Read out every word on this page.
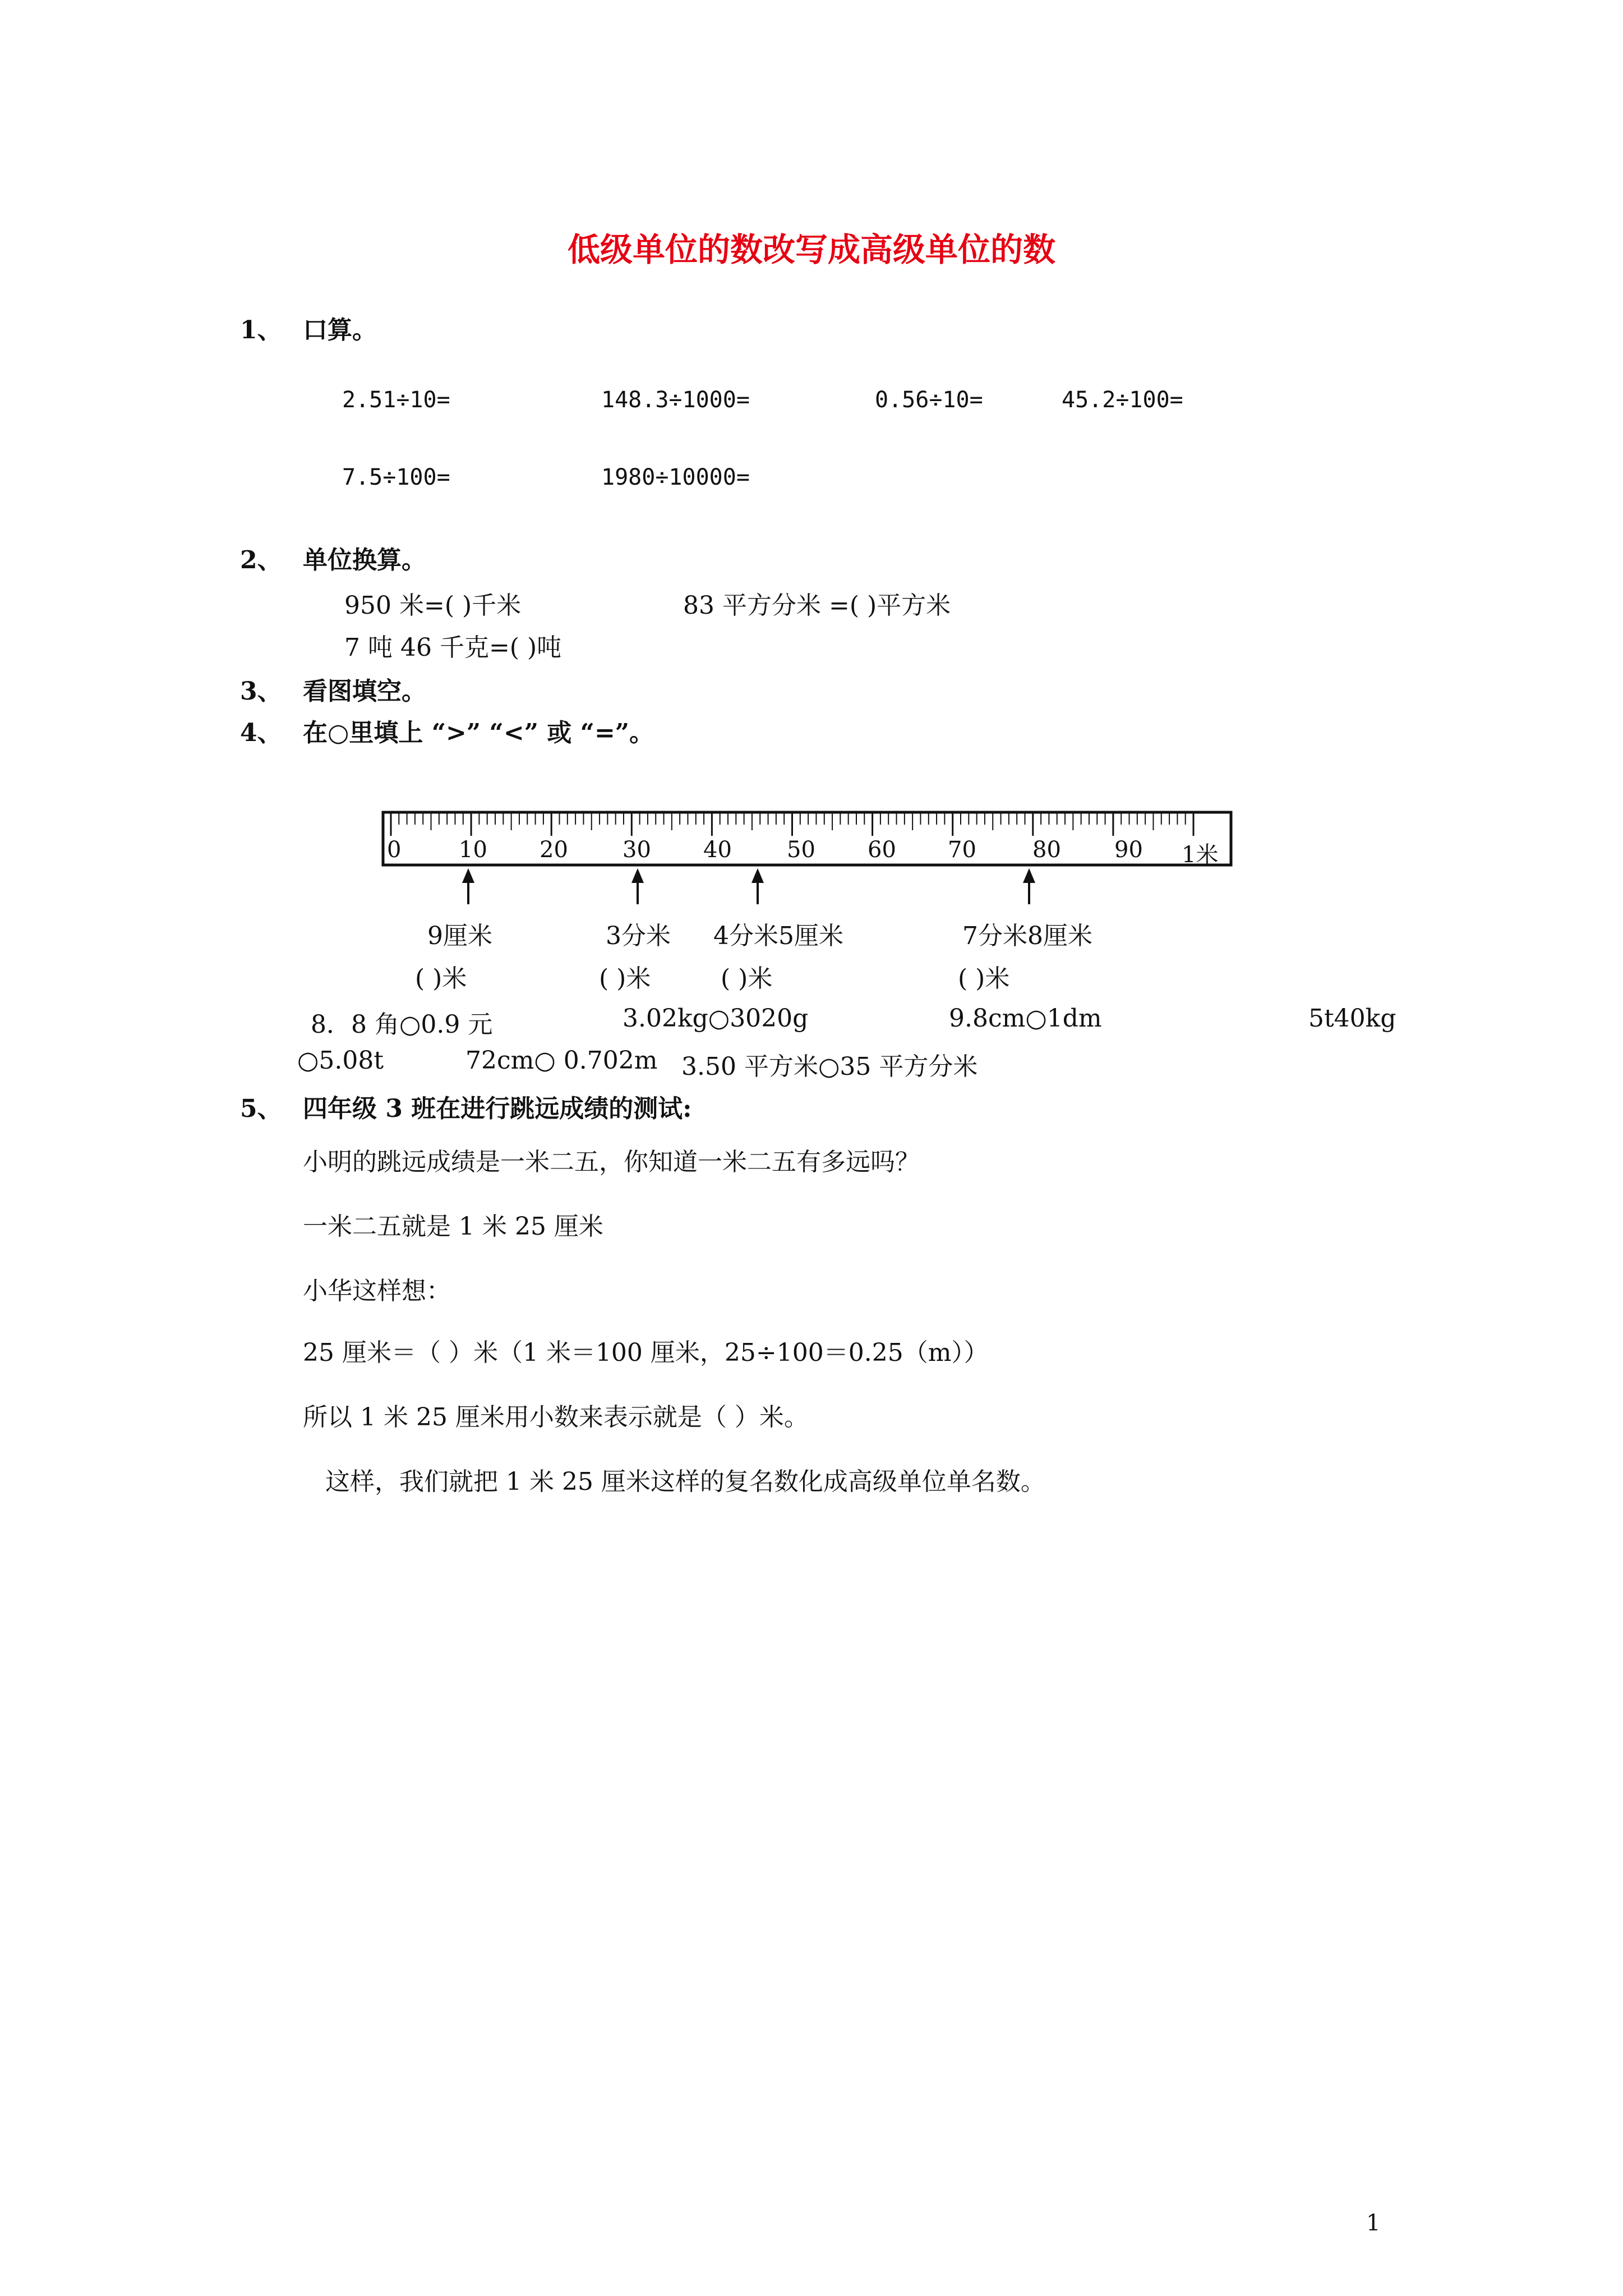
低级单位的数改写成高级单位的数
1、 口算。
2.51÷10=	148.3÷1000=	0.56÷10=	45.2÷100=
7.5÷100=	1980÷10000=
2、 单位换算。
950 米=( )千米	83 平方分米 =( )平方米
7 吨 46 千克=( )吨
3、 看图填空。
4、 在○里填上 “>” “<” 或 “=”。
0	10 20 30 40 50 60 70	80 90 1米
9厘米	3分米 4分米5厘米	7分米8厘米
( )米	( )米	( )米	( )米
8．8 角○0.9 元	3.02kg○3020g	9.8cm○1dm	5t40kg
○5.08t	72cm○ 0.702m 3.50 平方米○35 平方分米
5、 四年级 3 班在进行跳远成绩的测试:
小明的跳远成绩是一米二五，你知道一米二五有多远吗？
一米二五就是 1 米 25 厘米
小华这样想：
25 厘米＝（ ）米（1 米＝100 厘米，25÷100＝0.25（m））
所以 1 米 25 厘米用小数来表示就是（ ）米。
这样，我们就把 1 米 25 厘米这样的复名数化成高级单位单名数。
1
